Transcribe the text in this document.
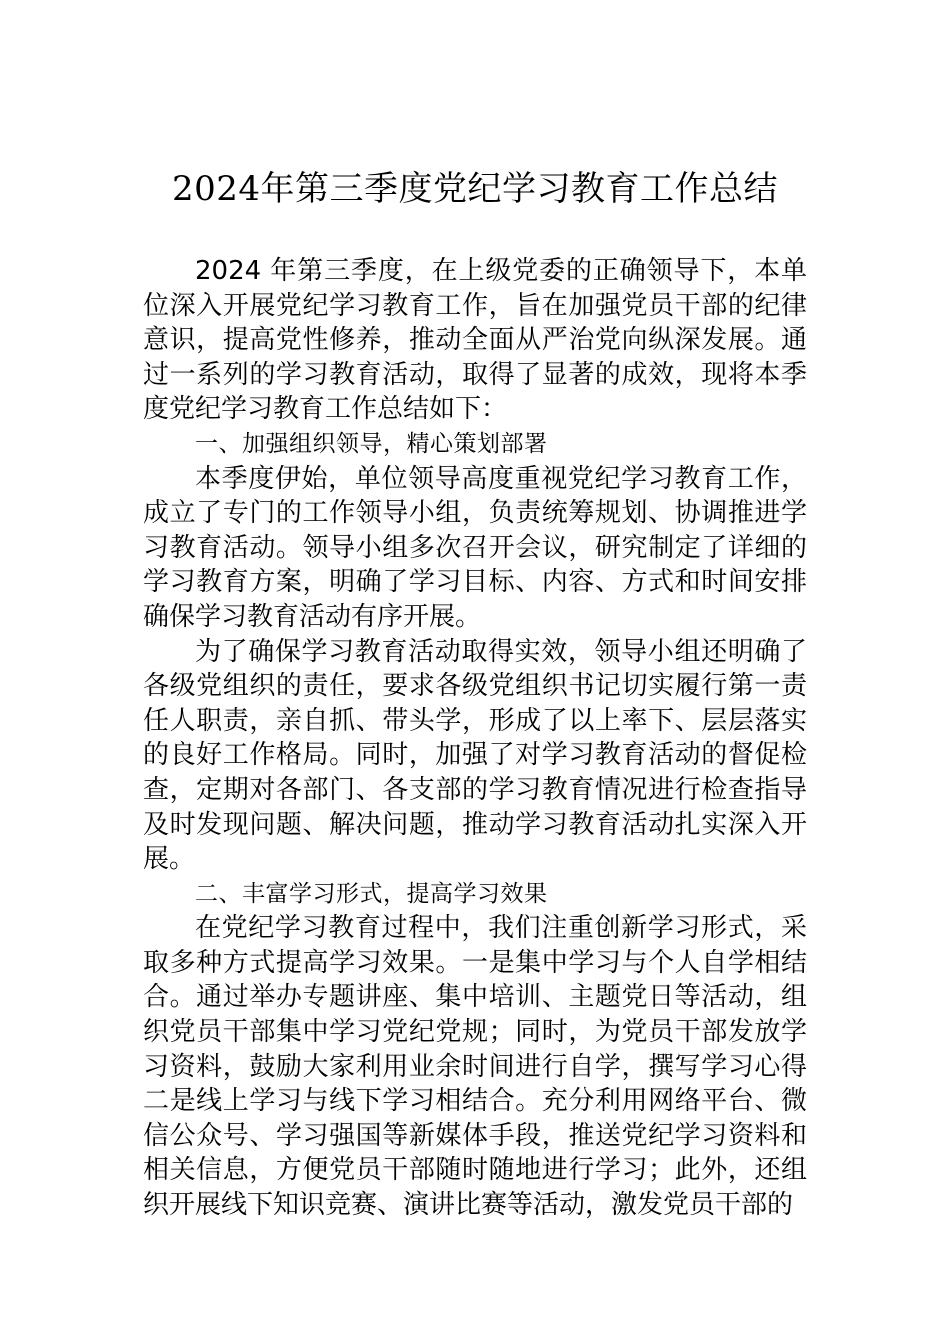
2024年第三季度党纪学习教育工作总结

2024 年第三季度，在上级党委的正确领导下，本单位深入开展党纪学习教育工作，旨在加强党员干部的纪律意识，提高党性修养，推动全面从严治党向纵深发展。通过一系列的学习教育活动，取得了显著的成效，现将本季度党纪学习教育工作总结如下：

一、加强组织领导，精心策划部署

本季度伊始，单位领导高度重视党纪学习教育工作，成立了专门的工作领导小组，负责统筹规划、协调推进学习教育活动。领导小组多次召开会议，研究制定了详细的学习教育方案，明确了学习目标、内容、方式和时间安排确保学习教育活动有序开展。

为了确保学习教育活动取得实效，领导小组还明确了各级党组织的责任，要求各级党组织书记切实履行第一责任人职责，亲自抓、带头学，形成了以上率下、层层落实的良好工作格局。同时，加强了对学习教育活动的督促检查，定期对各部门、各支部的学习教育情况进行检查指导及时发现问题、解决问题，推动学习教育活动扎实深入开展。

二、丰富学习形式，提高学习效果

在党纪学习教育过程中，我们注重创新学习形式，采取多种方式提高学习效果。一是集中学习与个人自学相结合。通过举办专题讲座、集中培训、主题党日等活动，组织党员干部集中学习党纪党规；同时，为党员干部发放学习资料，鼓励大家利用业余时间进行自学，撰写学习心得二是线上学习与线下学习相结合。充分利用网络平台、微信公众号、学习强国等新媒体手段，推送党纪学习资料和相关信息，方便党员干部随时随地进行学习；此外，还组织开展线下知识竞赛、演讲比赛等活动，激发党员干部的
